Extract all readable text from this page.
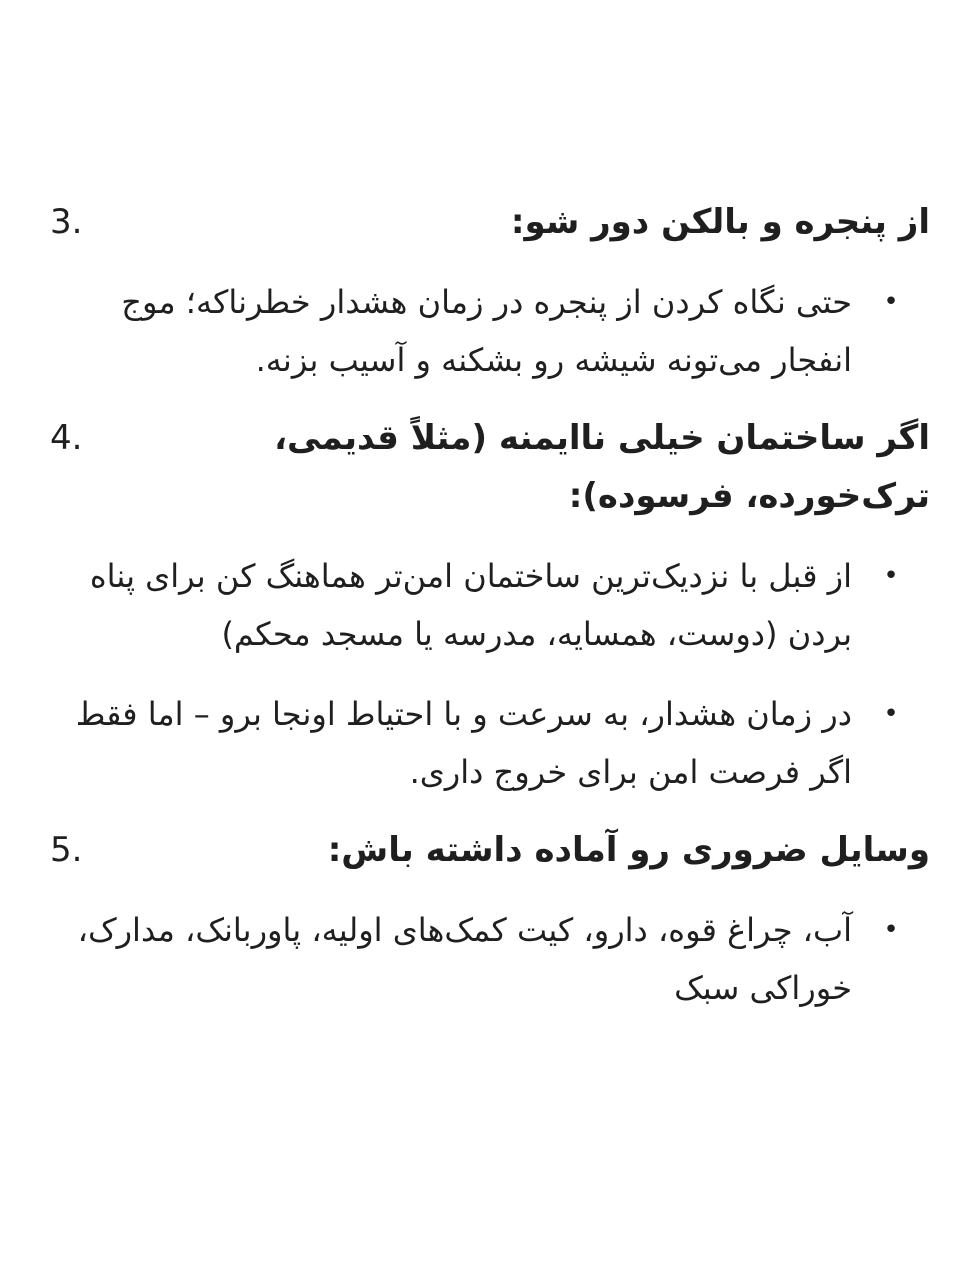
از پنجره و بالکن دور شو:
3.
•
حتی نگاه کردن از پنجره در زمان هشدار خطرناکه؛ موج انفجار می‌تونه شیشه رو بشکنه و آسیب بزنه.
اگر ساختمان خیلی ناایمنه (مثلاً قدیمی، ترک‌خورده، فرسوده):
4.
•
از قبل با نزدیک‌ترین ساختمان امن‌تر هماهنگ کن برای پناه بردن (دوست، همسایه، مدرسه یا مسجد محکم)
•
در زمان هشدار، به سرعت و با احتیاط اونجا برو – اما فقط اگر فرصت امن برای خروج داری.
وسایل ضروری رو آماده داشته باش:
5.
•
آب، چراغ قوه، دارو، کیت کمک‌های اولیه، پاوربانک، مدارک، خوراکی سبک
